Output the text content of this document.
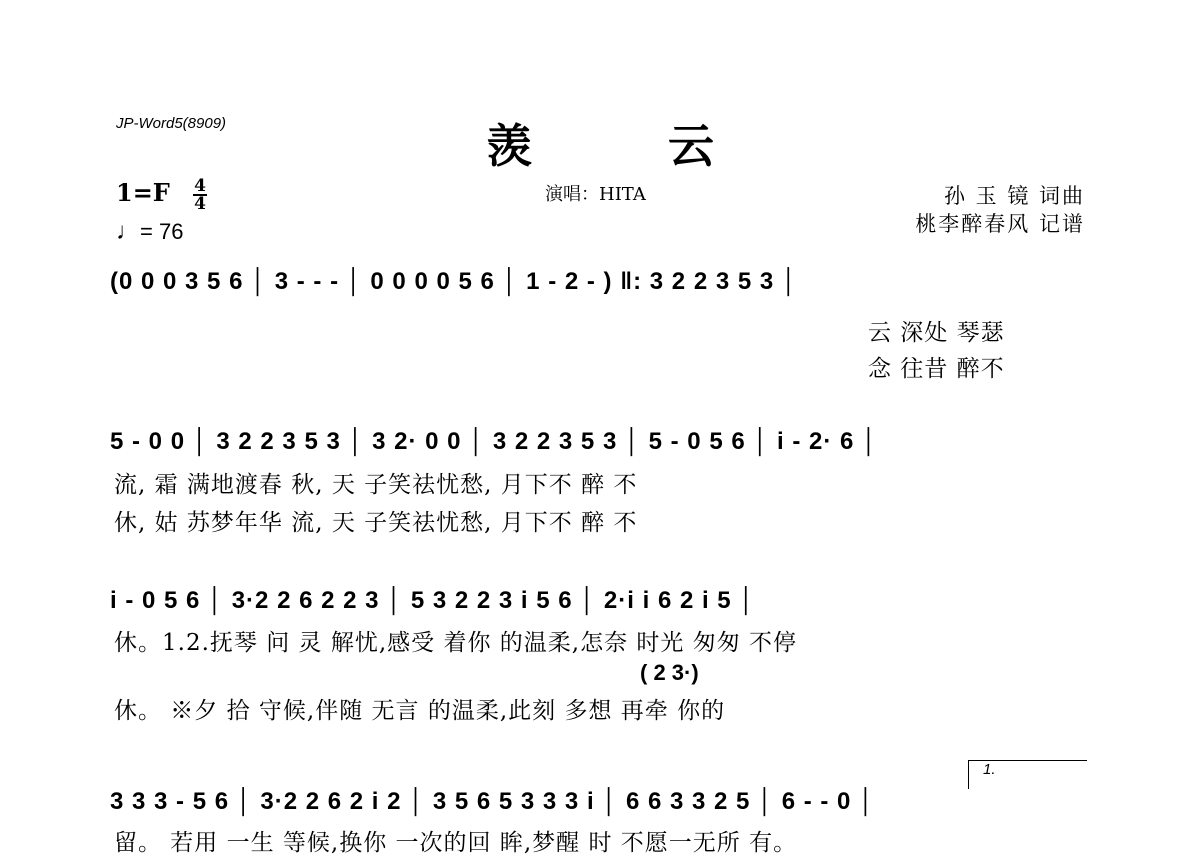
JP-Word5(8909)	羡 云
演唱：HITA	孙 玉 镜 词曲
桃李醉春风 记谱
1=F 4
4
♩= 76
(0 0 0 3 5 6 │ 3 - - - │ 0 0 0 0 5 6 │ 1 - 2 - ) ‖: 3 2 2 3 5 3 │
云 深处 琴瑟
念 往昔 醉不
5 - 0 0 │ 3 2 2 3 5 3 │ 3 2· 0 0 │ 3 2 2 3 5 3 │ 5 - 0 5 6 │ i - 2· 6 │
流, 霜 满地渡春 秋, 天 子笑祛忧愁, 月下不 醉 不
休, 姑 苏梦年华 流, 天 子笑祛忧愁, 月下不 醉 不
i - 0 5 6 │ 3·2 2 6 2 2 3 │ 5 3 2 2 3 i 5 6 │ 2·i i 6 2 i 5 │
休。1.2.抚琴 问 灵 解忧,感受 着你 的温柔,怎奈 时光 匆匆 不停
( 2 3·)
休。 ※夕 拾 守候,伴随 无言 的温柔,此刻 多想 再牵 你的
1.
3 3 3 - 5 6 │ 3·2 2 6 2 i 2 │ 3 5 6 5 3 3 3 i │ 6 6 3 3 2 5 │ 6 - - 0 │
留。 若用 一生 等候,换你 一次的回 眸,梦醒 时 不愿一无所 有。
